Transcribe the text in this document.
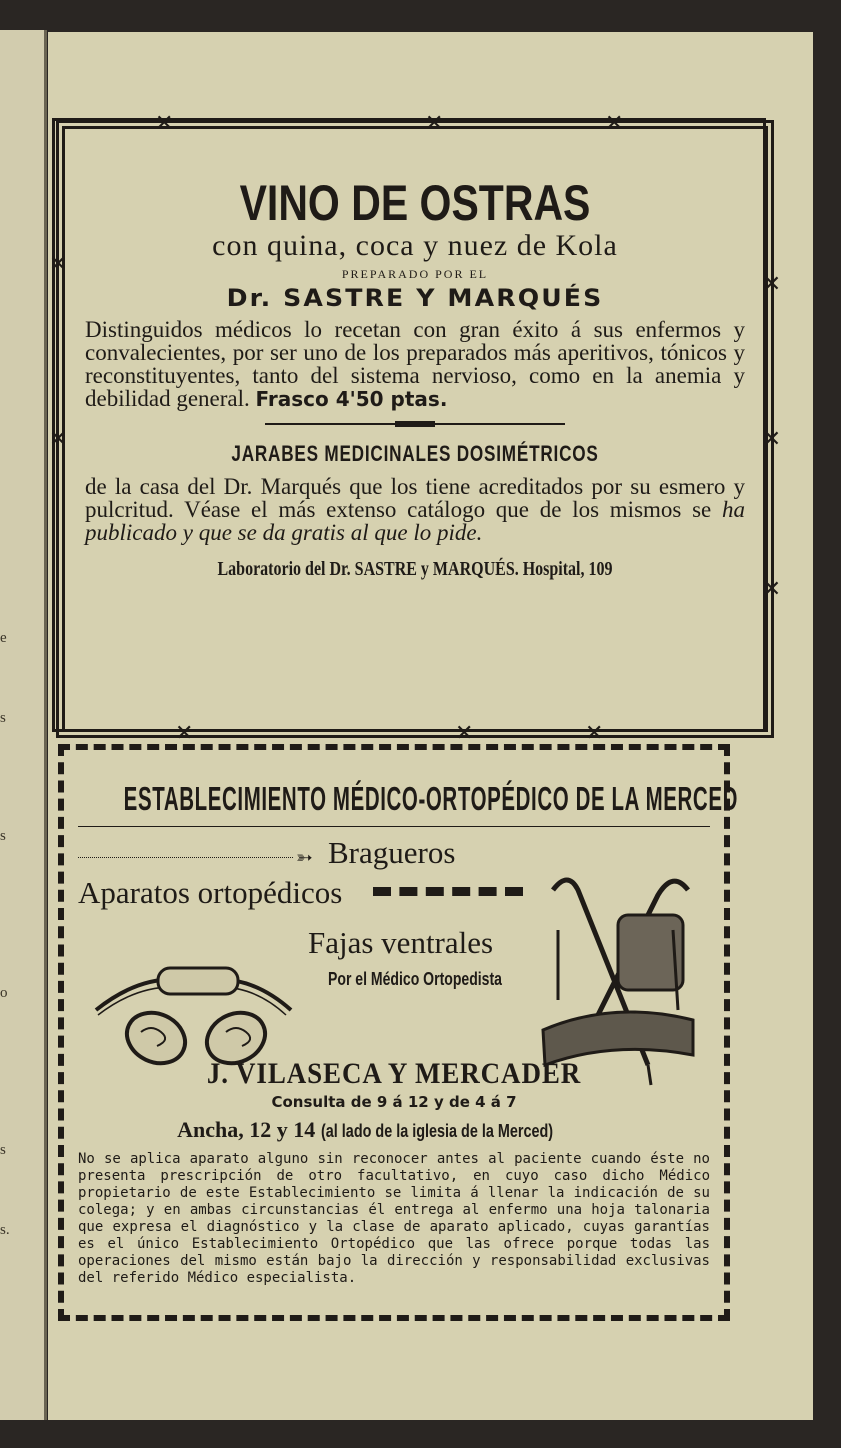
e
s
s
o
s
s.
✕	✕	✕
✕	✕	✕
✕
✕
✕
✕
✕
VINO DE OSTRAS
con quina, coca y nuez de Kola
PREPARADO POR EL
Dr. SASTRE Y MARQUÉS
Distinguidos médicos lo recetan con gran éxito á sus enfermos y convalecientes, por ser uno de los preparados más aperitivos, tónicos y reconstituyentes, tanto del sistema nervioso, como en la anemia y debilidad general. Frasco 4'50 ptas.
JARABES MEDICINALES DOSIMÉTRICOS
de la casa del Dr. Marqués que los tiene acreditados por su esmero y pulcritud. Véase el más extenso catálogo que de los mismos se ha publicado y que se da gratis al que lo pide.
Laboratorio del Dr. SASTRE y MARQUÉS. Hospital, 109
ESTABLECIMIENTO MÉDICO-ORTOPÉDICO DE LA MERCED
➳ Bragueros
Aparatos ortopédicos
Fajas ventrales
Por el Médico Ortopedista
J. VILASECA Y MERCADER
Consulta de 9 á 12 y de 4 á 7
Ancha, 12 y 14 (al lado de la iglesia de la Merced)
No se aplica aparato alguno sin reconocer antes al paciente cuando éste no presenta prescripción de otro facultativo, en cuyo caso dicho Médico propietario de este Establecimiento se limita á llenar la indicación de su colega; y en ambas circunstancias él entrega al enfermo una hoja talonaria que expresa el diagnóstico y la clase de aparato aplicado, cuyas garantías es el único Establecimiento Ortopédico que las ofrece porque todas las operaciones del mismo están bajo la dirección y responsabilidad exclusivas del referido Médico especialista.
